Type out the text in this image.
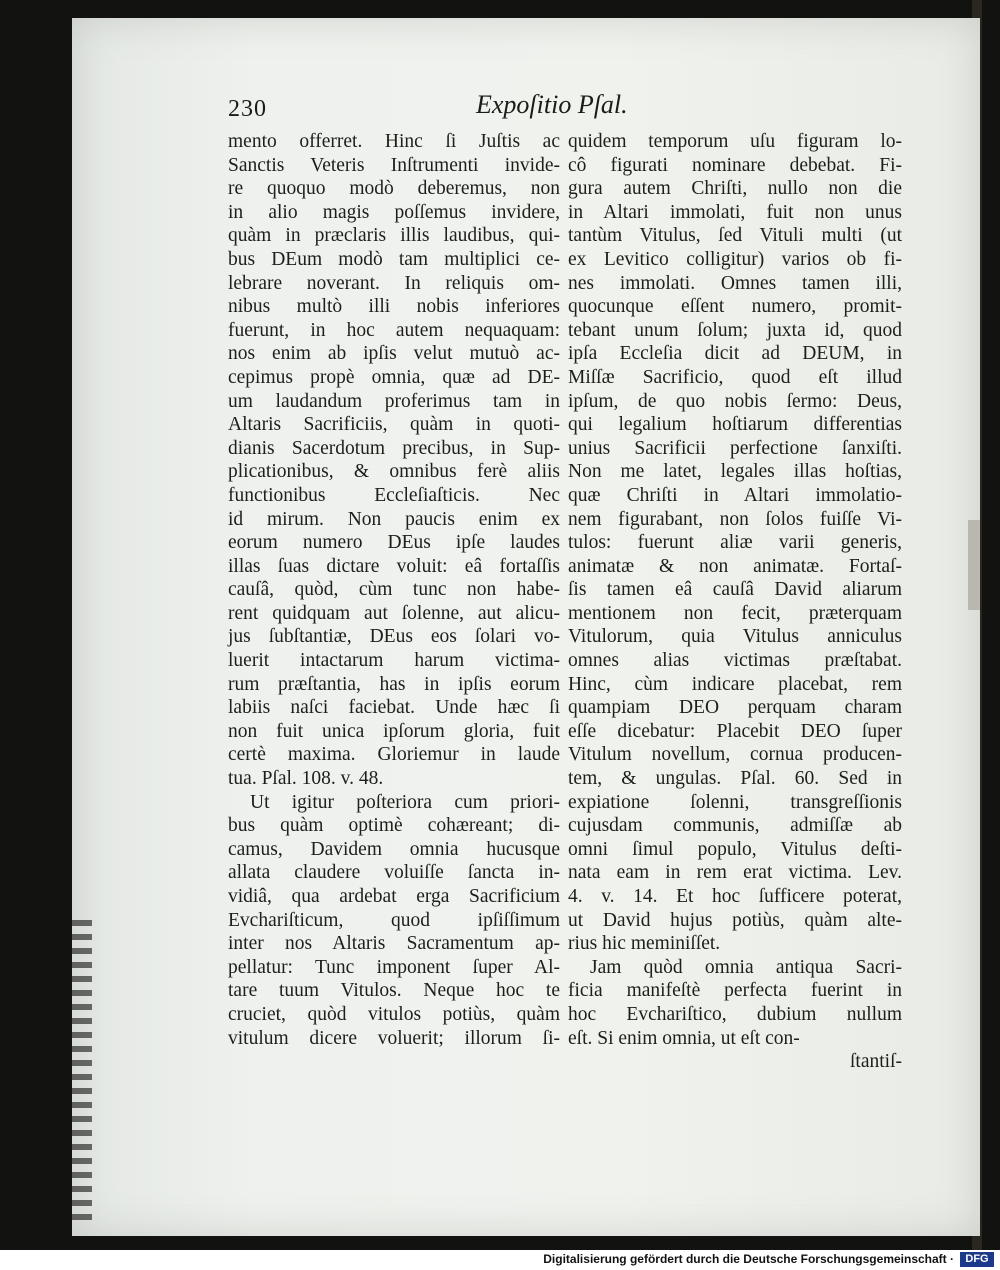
230	Expoſitio Pſal.
mento offerret. Hinc ſi Juſtis ac
Sanctis Veteris Inſtrumenti invide-
re quoquo modò deberemus, non
in alio magis poſſemus invidere,
quàm in præclaris illis laudibus, qui-
bus DEum modò tam multiplici ce-
lebrare noverant. In reliquis om-
nibus multò illi nobis inferiores
fuerunt, in hoc autem nequaquam:
nos enim ab ipſis velut mutuò ac-
cepimus propè omnia, quæ ad DE-
um laudandum proferimus tam in
Altaris Sacrificiis, quàm in quoti-
dianis Sacerdotum precibus, in Sup-
plicationibus, & omnibus ferè aliis
functionibus Eccleſiaſticis. Nec
id mirum. Non paucis enim ex
eorum numero DEus ipſe laudes
illas ſuas dictare voluit: eâ fortaſſis
cauſâ, quòd, cùm tunc non habe-
rent quidquam aut ſolenne, aut alicu-
jus ſubſtantiæ, DEus eos ſolari vo-
luerit intactarum harum victima-
rum præſtantia, has in ipſis eorum
labiis naſci faciebat. Unde hæc ſi
non fuit unica ipſorum gloria, fuit
certè maxima. Gloriemur in laude
tua. Pſal. 108. v. 48.
Ut igitur poſteriora cum priori-
bus quàm optimè cohæreant; di-
camus, Davidem omnia hucusque
allata claudere voluiſſe ſancta in-
vidiâ, qua ardebat erga Sacrificium
Evchariſticum, quod ipſiſſimum
inter nos Altaris Sacramentum ap-
pellatur: Tunc imponent ſuper Al-
tare tuum Vitulos. Neque hoc te
cruciet, quòd vitulos potiùs, quàm
vitulum dicere voluerit; illorum ſi-
quidem temporum uſu figuram lo-
cô figurati nominare debebat. Fi-
gura autem Chriſti, nullo non die
in Altari immolati, fuit non unus
tantùm Vitulus, ſed Vituli multi (ut
ex Levitico colligitur) varios ob fi-
nes immolati. Omnes tamen illi,
quocunque eſſent numero, promit-
tebant unum ſolum; juxta id, quod
ipſa Eccleſia dicit ad DEUM, in
Miſſæ Sacrificio, quod eſt illud
ipſum, de quo nobis ſermo: Deus,
qui legalium hoſtiarum differentias
unius Sacrificii perfectione ſanxiſti.
Non me latet, legales illas hoſtias,
quæ Chriſti in Altari immolatio-
nem figurabant, non ſolos fuiſſe Vi-
tulos: fuerunt aliæ varii generis,
animatæ & non animatæ. Fortaſ-
ſis tamen eâ cauſâ David aliarum
mentionem non fecit, præterquam
Vitulorum, quia Vitulus anniculus
omnes alias victimas præſtabat.
Hinc, cùm indicare placebat, rem
quampiam DEO perquam charam
eſſe dicebatur: Placebit DEO ſuper
Vitulum novellum, cornua producen-
tem, & ungulas. Pſal. 60. Sed in
expiatione ſolenni, transgreſſionis
cujusdam communis, admiſſæ ab
omni ſimul populo, Vitulus deſti-
nata eam in rem erat victima. Lev.
4. v. 14. Et hoc ſufficere poterat,
ut David hujus potiùs, quàm alte-
rius hic meminiſſet.
Jam quòd omnia antiqua Sacri-
ficia manifeſtè perfecta fuerint in
hoc Evchariſtico, dubium nullum
eſt. Si enim omnia, ut eſt con-
ſtantiſ-
Digitalisierung gefördert durch die Deutsche Forschungsgemeinschaft ·	DFG
